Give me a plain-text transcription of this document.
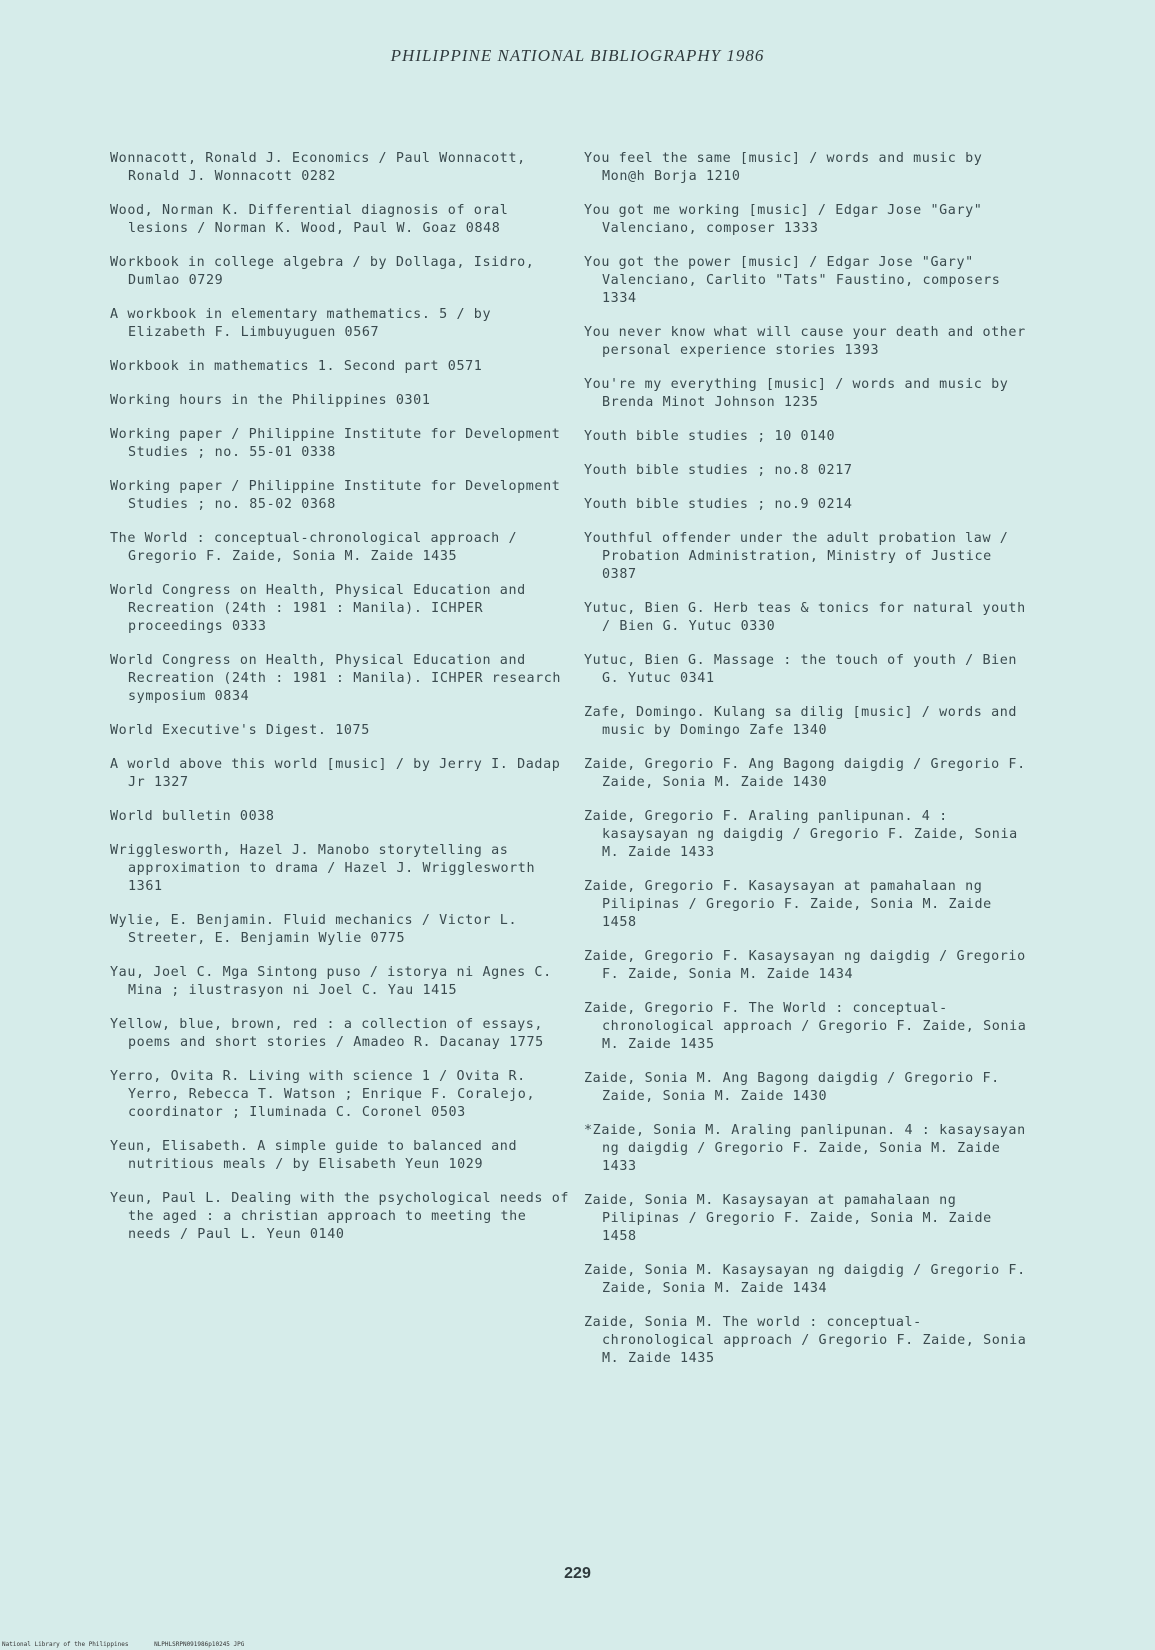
PHILIPPINE NATIONAL BIBLIOGRAPHY 1986
Wonnacott, Ronald J. Economics / Paul Wonnacott, Ronald J. Wonnacott 0282
Wood, Norman K. Differential diagnosis of oral lesions / Norman K. Wood, Paul W. Goaz 0848
Workbook in college algebra / by Dollaga, Isidro, Dumlao 0729
A workbook in elementary mathematics. 5 / by Elizabeth F. Limbuyuguen 0567
Workbook in mathematics 1. Second part 0571
Working hours in the Philippines 0301
Working paper / Philippine Institute for Development Studies ; no. 55-01 0338
Working paper / Philippine Institute for Development Studies ; no. 85-02 0368
The World : conceptual-chronological approach / Gregorio F. Zaide, Sonia M. Zaide 1435
World Congress on Health, Physical Education and Recreation (24th : 1981 : Manila). ICHPER proceedings 0333
World Congress on Health, Physical Education and Recreation (24th : 1981 : Manila). ICHPER research symposium 0834
World Executive's Digest. 1075
A world above this world [music] / by Jerry I. Dadap Jr 1327
World bulletin 0038
Wrigglesworth, Hazel J. Manobo storytelling as approximation to drama / Hazel J. Wrigglesworth 1361
Wylie, E. Benjamin. Fluid mechanics / Victor L. Streeter, E. Benjamin Wylie 0775
Yau, Joel C. Mga Sintong puso / istorya ni Agnes C. Mina ; ilustrasyon ni Joel C. Yau 1415
Yellow, blue, brown, red : a collection of essays, poems and short stories / Amadeo R. Dacanay 1775
Yerro, Ovita R. Living with science 1 / Ovita R. Yerro, Rebecca T. Watson ; Enrique F. Coralejo, coordinator ; Iluminada C. Coronel 0503
Yeun, Elisabeth. A simple guide to balanced and nutritious meals / by Elisabeth Yeun 1029
Yeun, Paul L. Dealing with the psychological needs of the aged : a christian approach to meeting the needs / Paul L. Yeun 0140
You feel the same [music] / words and music by Mon@h Borja 1210
You got me working [music] / Edgar Jose "Gary" Valenciano, composer 1333
You got the power [music] / Edgar Jose "Gary" Valenciano, Carlito "Tats" Faustino, composers 1334
You never know what will cause your death and other personal experience stories 1393
You're my everything [music] / words and music by Brenda Minot Johnson 1235
Youth bible studies ; 10 0140
Youth bible studies ; no.8 0217
Youth bible studies ; no.9 0214
Youthful offender under the adult probation law / Probation Administration, Ministry of Justice 0387
Yutuc, Bien G. Herb teas & tonics for natural youth / Bien G. Yutuc 0330
Yutuc, Bien G. Massage : the touch of youth / Bien G. Yutuc 0341
Zafe, Domingo. Kulang sa dilig [music] / words and music by Domingo Zafe 1340
Zaide, Gregorio F. Ang Bagong daigdig / Gregorio F. Zaide, Sonia M. Zaide 1430
Zaide, Gregorio F. Araling panlipunan. 4 : kasaysayan ng daigdig / Gregorio F. Zaide, Sonia M. Zaide 1433
Zaide, Gregorio F. Kasaysayan at pamahalaan ng Pilipinas / Gregorio F. Zaide, Sonia M. Zaide 1458
Zaide, Gregorio F. Kasaysayan ng daigdig / Gregorio F. Zaide, Sonia M. Zaide 1434
Zaide, Gregorio F. The World : conceptual-chronological approach / Gregorio F. Zaide, Sonia M. Zaide 1435
Zaide, Sonia M. Ang Bagong daigdig / Gregorio F. Zaide, Sonia M. Zaide 1430
*Zaide, Sonia M. Araling panlipunan. 4 : kasaysayan ng daigdig / Gregorio F. Zaide, Sonia M. Zaide 1433
Zaide, Sonia M. Kasaysayan at pamahalaan ng Pilipinas / Gregorio F. Zaide, Sonia M. Zaide 1458
Zaide, Sonia M. Kasaysayan ng daigdig / Gregorio F. Zaide, Sonia M. Zaide 1434
Zaide, Sonia M. The world : conceptual-chronological approach / Gregorio F. Zaide, Sonia M. Zaide 1435
229
National Library of the Philippines	NLPHLSRPN091986p10245 JPG
